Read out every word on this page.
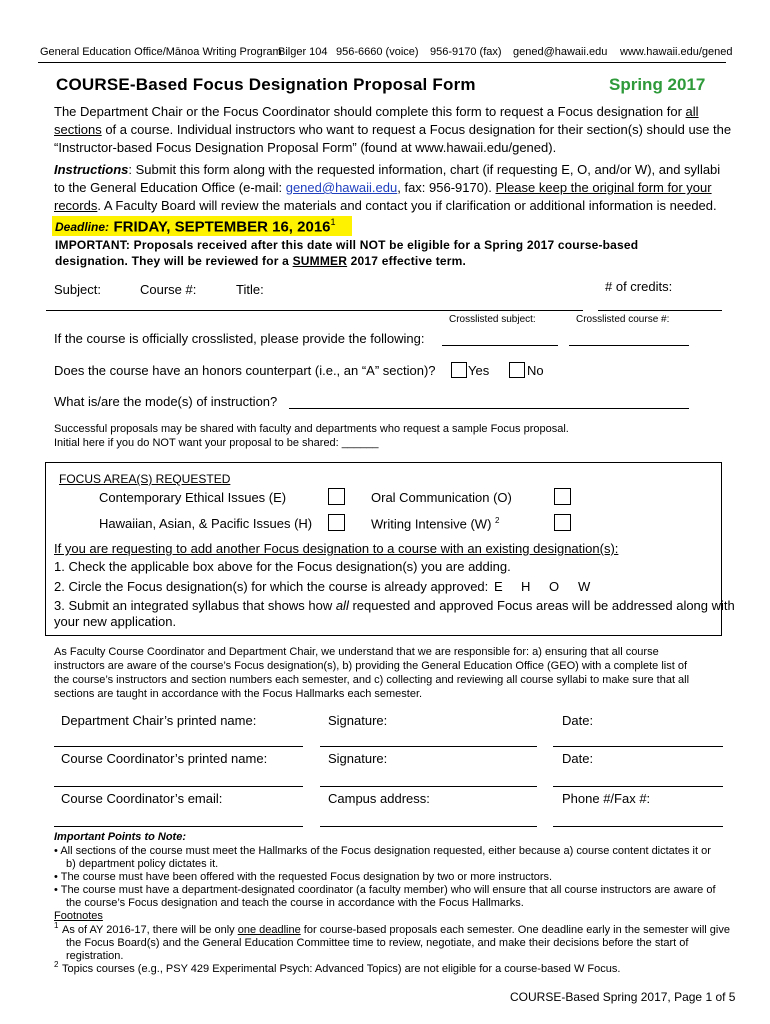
General Education Office/Mānoa Writing Program
Bilger 104 956-6660 (voice) 956-9170 (fax) gened@hawaii.edu www.hawaii.edu/gened
COURSE-Based Focus Designation Proposal Form	Spring 2017
The Department Chair or the Focus Coordinator should complete this form to request a Focus designation for all
sections of a course. Individual instructors who want to request a Focus designation for their section(s) should use the
“Instructor-based Focus Designation Proposal Form” (found at www.hawaii.edu/gened).
Instructions: Submit this form along with the requested information, chart (if requesting E, O, and/or W), and syllabi
to the General Education Office (e-mail: gened@hawaii.edu, fax: 956-9170). Please keep the original form for your
records. A Faculty Board will review the materials and contact you if clarification or additional information is needed.
Deadline: FRIDAY, SEPTEMBER 16, 2016$^1$
IMPORTANT: Proposals received after this date will NOT be eligible for a Spring 2017 course-based
designation. They will be reviewed for a SUMMER 2017 effective term.
Subject:	Course #:	Title:	# of credits:
Crosslisted subject:	Crosslisted course #:
If the course is officially crosslisted, please provide the following:
Does the course have an honors counterpart (i.e., an “A” section)? Yes	No
What is/are the mode(s) of instruction?
Successful proposals may be shared with faculty and departments who request a sample Focus proposal.
Initial here if you do NOT want your proposal to be shared: ______
FOCUS AREA(S) REQUESTED
Contemporary Ethical Issues (E)	Oral Communication (O)
Hawaiian, Asian, & Pacific Issues (H)	Writing Intensive (W) $^2$
If you are requesting to add another Focus designation to a course with an existing designation(s):
1. Check the applicable box above for the Focus designation(s) you are adding.
2. Circle the Focus designation(s) for which the course is already approved: E H O W
3. Submit an integrated syllabus that shows how all requested and approved Focus areas will be addressed along with
your new application.
As Faculty Course Coordinator and Department Chair, we understand that we are responsible for: a) ensuring that all course
instructors are aware of the course’s Focus designation(s), b) providing the General Education Office (GEO) with a complete list of
the course’s instructors and section numbers each semester, and c) collecting and reviewing all course syllabi to make sure that all
sections are taught in accordance with the Focus Hallmarks each semester.
Department Chair’s printed name:	Signature:	Date:
Course Coordinator’s printed name:	Signature:	Date:
Course Coordinator’s email:	Campus address:	Phone #/Fax #:
Important Points to Note:
• All sections of the course must meet the Hallmarks of the Focus designation requested, either because a) course content dictates it or
b) department policy dictates it.
• The course must have been offered with the requested Focus designation by two or more instructors.
• The course must have a department-designated coordinator (a faculty member) who will ensure that all course instructors are aware of
the course’s Focus designation and teach the course in accordance with the Focus Hallmarks.
Footnotes
1 As of AY 2016-17, there will be only one deadline for course-based proposals each semester. One deadline early in the semester will give
the Focus Board(s) and the General Education Committee time to review, negotiate, and make their decisions before the start of
registration.
2 Topics courses (e.g., PSY 429 Experimental Psych: Advanced Topics) are not eligible for a course-based W Focus.
COURSE-Based Spring 2017, Page 1 of 5
